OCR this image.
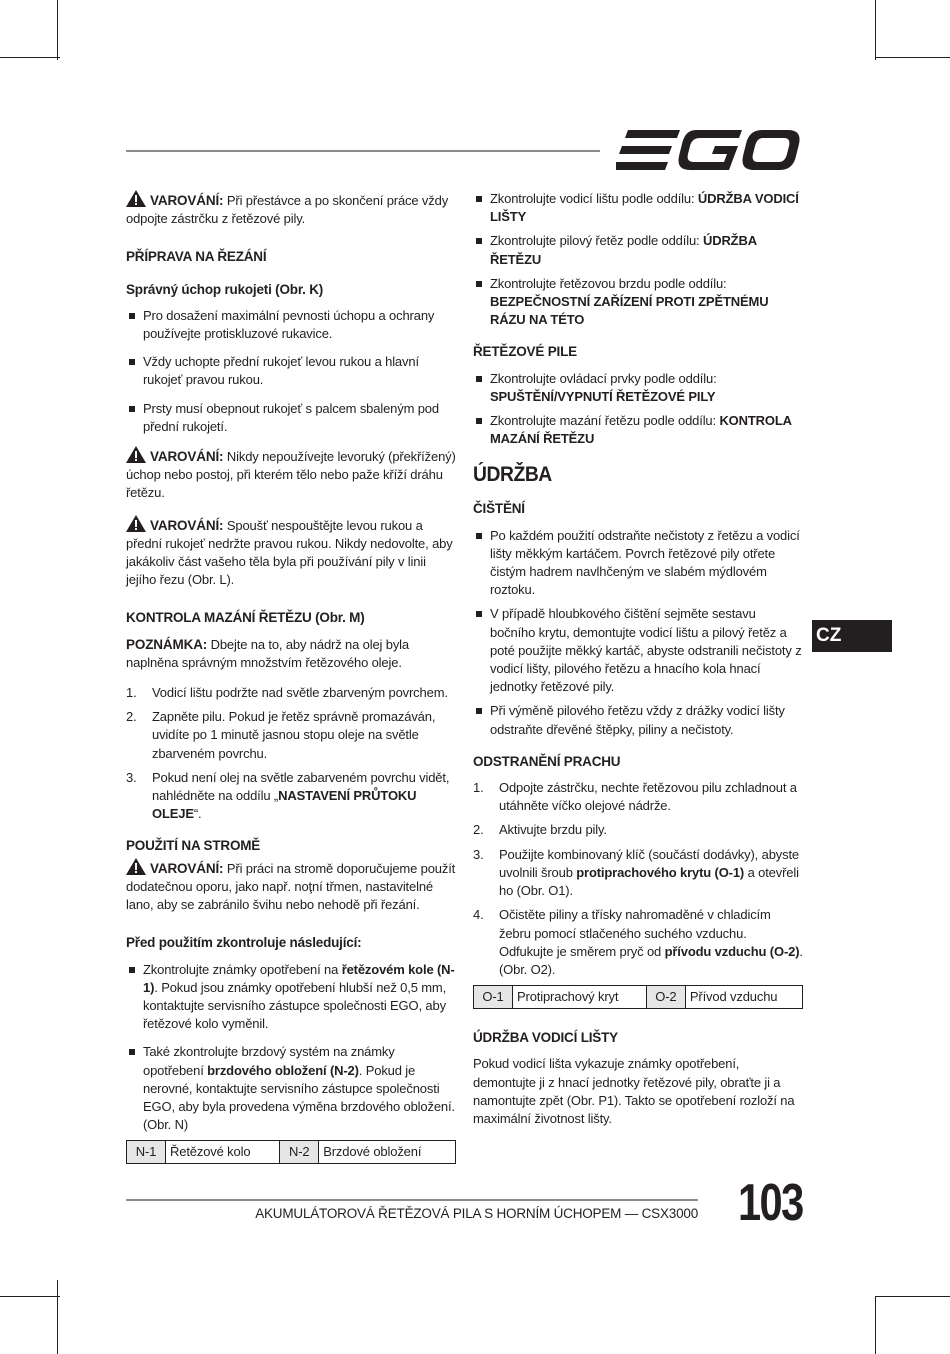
VAROVÁNÍ: Při přestávce a po skončení práce vždy odpojte zástrčku z řetězové pily.

PŘÍPRAVA NA ŘEZÁNÍ
Správný úchop rukojeti (Obr. K)
Pro dosažení maximální pevnosti úchopu a ochrany používejte protiskluzové rukavice.
Vždy uchopte přední rukojeť levou rukou a hlavní rukojeť pravou rukou.
Prsty musí obepnout rukojeť s palcem sbaleným pod přední rukojetí.

VAROVÁNÍ: Nikdy nepoužívejte levoruký (překřížený) úchop nebo postoj, při kterém tělo nebo paže kříží dráhu řetězu.

VAROVÁNÍ: Spoušť nespouštějte levou rukou a přední rukojeť nedržte pravou rukou. Nikdy nedovolte, aby jakákoliv část vašeho těla byla při používání pily v linii jejího řezu (Obr. L).

KONTROLA MAZÁNÍ ŘETĚZU (Obr. M)

POZNÁMKA: Dbejte na to, aby nádrž na olej byla naplněna správným množstvím řetězového oleje.

1. Vodicí lištu podržte nad světle zbarveným povrchem.
2. Zapněte pilu. Pokud je řetěz správně promazáván, uvidíte po 1 minutě jasnou stopu oleje na světle zbarveném povrchu.
3. Pokud není olej na světle zabarveném povrchu vidět, nahlédněte na oddílu „NASTAVENÍ PRŮTOKU OLEJE“.
POUŽITÍ NA STROMĚ

VAROVÁNÍ: Při práci na stromě doporučujeme použít dodatečnou oporu, jako např. noţní třmen, nastavitelné lano, aby se zabránilo švihu nebo nehodě při řezání.

Před použitím zkontroluje následující:
Zkontrolujte známky opotřebení na řetězovém kole (N-1). Pokud jsou známky opotřebení hlubší než 0,5 mm, kontaktujte servisního zástupce společnosti EGO, aby řetězové kolo vyměnil.
Také zkontrolujte brzdový systém na známky opotřebení brzdového obložení (N-2). Pokud je nerovné, kontaktujte servisního zástupce společnosti EGO, aby byla provedena výměna brzdového obložení. (Obr. N)
N-1	Řetězové kolo	N-2	Brzdové obložení
Zkontrolujte vodicí lištu podle oddílu: ÚDRŽBA VODICÍ LIŠTY
Zkontrolujte pilový řetěz podle oddílu: ÚDRŽBA ŘETĚZU
Zkontrolujte řetězovou brzdu podle oddílu: BEZPEČNOSTNÍ ZAŘÍZENÍ PROTI ZPĚTNÉMU RÁZU NA TÉTO
ŘETĚZOVÉ PILE
Zkontrolujte ovládací prvky podle oddílu: SPUŠTĚNÍ/VYPNUTÍ ŘETĚZOVÉ PILY
Zkontrolujte mazání řetězu podle oddílu: KONTROLA MAZÁNÍ ŘETĚZU
ÚDRŽBA
ČIŠTĚNÍ
Po každém použití odstraňte nečistoty z řetězu a vodicí lišty měkkým kartáčem. Povrch řetězové pily otřete čistým hadrem navlhčeným ve slabém mýdlovém roztoku.
V případě hloubkového čištění sejměte sestavu bočního krytu, demontujte vodicí lištu a pilový řetěz a poté použijte měkký kartáč, abyste odstranili nečistoty z vodicí lišty, pilového řetězu a hnacího kola hnací jednotky řetězové pily.
Při výměně pilového řetězu vždy z drážky vodicí lišty odstraňte dřevěné štěpky, piliny a nečistoty.
ODSTRANĚNÍ PRACHU
1. Odpojte zástrčku, nechte řetězovou pilu zchladnout a utáhněte víčko olejové nádrže.
2. Aktivujte brzdu pily.
3. Použijte kombinovaný klíč (součástí dodávky), abyste uvolnili šroub protiprachového krytu (O-1) a otevřeli ho (Obr. O1).
4. Očistěte piliny a třísky nahromaděné v chladicím žebru pomocí stlačeného suchého vzduchu. Odfukujte je směrem pryč od přívodu vzduchu (O-2). (Obr. O2).
O-1	Protiprachový kryt	O-2	Přívod vzduchu
ÚDRŽBA VODICÍ LIŠTY

Pokud vodicí lišta vykazuje známky opotřebení, demontujte ji z hnací jednotky řetězové pily, obraťte ji a namontujte zpět (Obr. P1). Takto se opotřebení rozloží na maximální životnost lišty.

CZ
AKUMULÁTOROVÁ ŘETĚZOVÁ PILA S HORNÍM ÚCHOPEM — CSX3000 103
